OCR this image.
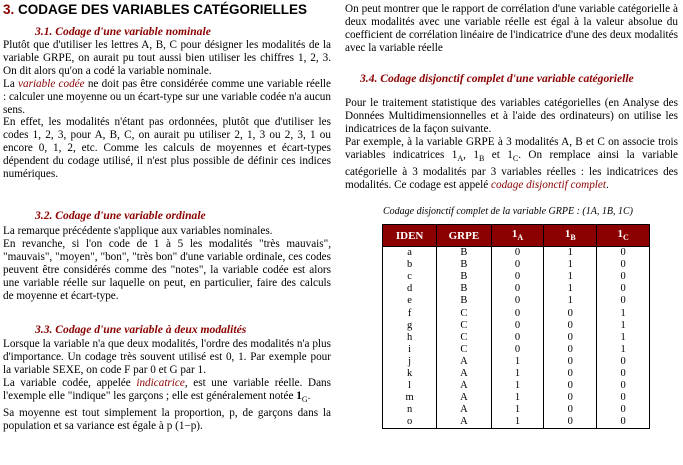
3. CODAGE DES VARIABLES CATÉGORIELLES
3.1. Codage d'une variable nominale

Plutôt que d'utiliser les lettres A, B, C pour désigner les modalités de la variable GRPE, on aurait pu tout aussi bien utiliser les chiffres 1, 2, 3. On dit alors qu'on a codé la variable nominale.

La variable codée ne doit pas être considérée comme une variable réelle : calculer une moyenne ou un écart-type sur une variable codée n'a aucun sens.

En effet, les modalités n'étant pas ordonnées, plutôt que d'utiliser les codes 1, 2, 3, pour A, B, C, on aurait pu utiliser 2, 1, 3 ou 2, 3, 1 ou encore 0, 1, 2, etc. Comme les calculs de moyennes et écart-types dépendent du codage utilisé, il n'est plus possible de définir ces indices numériques.

3.2. Codage d'une variable ordinale

La remarque précédente s'applique aux variables nominales.

En revanche, si l'on code de 1 à 5 les modalités "très mauvais", "mauvais", "moyen", "bon", "très bon" d'une variable ordinale, ces codes peuvent être considérés comme des "notes", la variable codée est alors une variable réelle sur laquelle on peut, en particulier, faire des calculs de moyenne et écart-type.

3.3. Codage d'une variable à deux modalités

Lorsque la variable n'a que deux modalités, l'ordre des modalités n'a plus d'importance. Un codage très souvent utilisé est 0, 1. Par exemple pour la variable SEXE, on code F par 0 et G par 1.

La variable codée, appelée indicatrice, est une variable réelle. Dans l'exemple elle "indique" les garçons ; elle est généralement notée $1_G$.

Sa moyenne est tout simplement la proportion, p, de garçons dans la population et sa variance est égale à p (1−p).

On peut montrer que le rapport de corrélation d'une variable catégorielle à deux modalités avec une variable réelle est égal à la valeur absolue du coefficient de corrélation linéaire de l'indicatrice d'une des deux modalités avec la variable réelle
3.4. Codage disjonctif complet d'une variable catégorielle

Pour le traitement statistique des variables catégorielles (en Analyse des Données Multidimensionnelles et à l'aide des ordinateurs) on utilise les indicatrices de la façon suivante.

Par exemple, à la variable GRPE à 3 modalités A, B et C on associe trois variables indicatrices $1_A$, $1_B$ et $1_C$. On remplace ainsi la variable catégorielle à 3 modalités par 3 variables réelles : les indicatrices des modalités. Ce codage est appelé codage disjonctif complet.

Codage disjonctif complet de la variable GRPE : (1A, 1B, 1C)
IDEN	GRPE	$1_A$	$1_B$	$1_C$
a	B	0	1	0
b	B	0	1	0
c	B	0	1	0
d	B	0	1	0
e	B	0	1	0
f	C	0	0	1
g	C	0	0	1
h	C	0	0	1
i	C	0	0	1
j	A	1	0	0
k	A	1	0	0
l	A	1	0	0
m	A	1	0	0
n	A	1	0	0
o	A	1	0	0
